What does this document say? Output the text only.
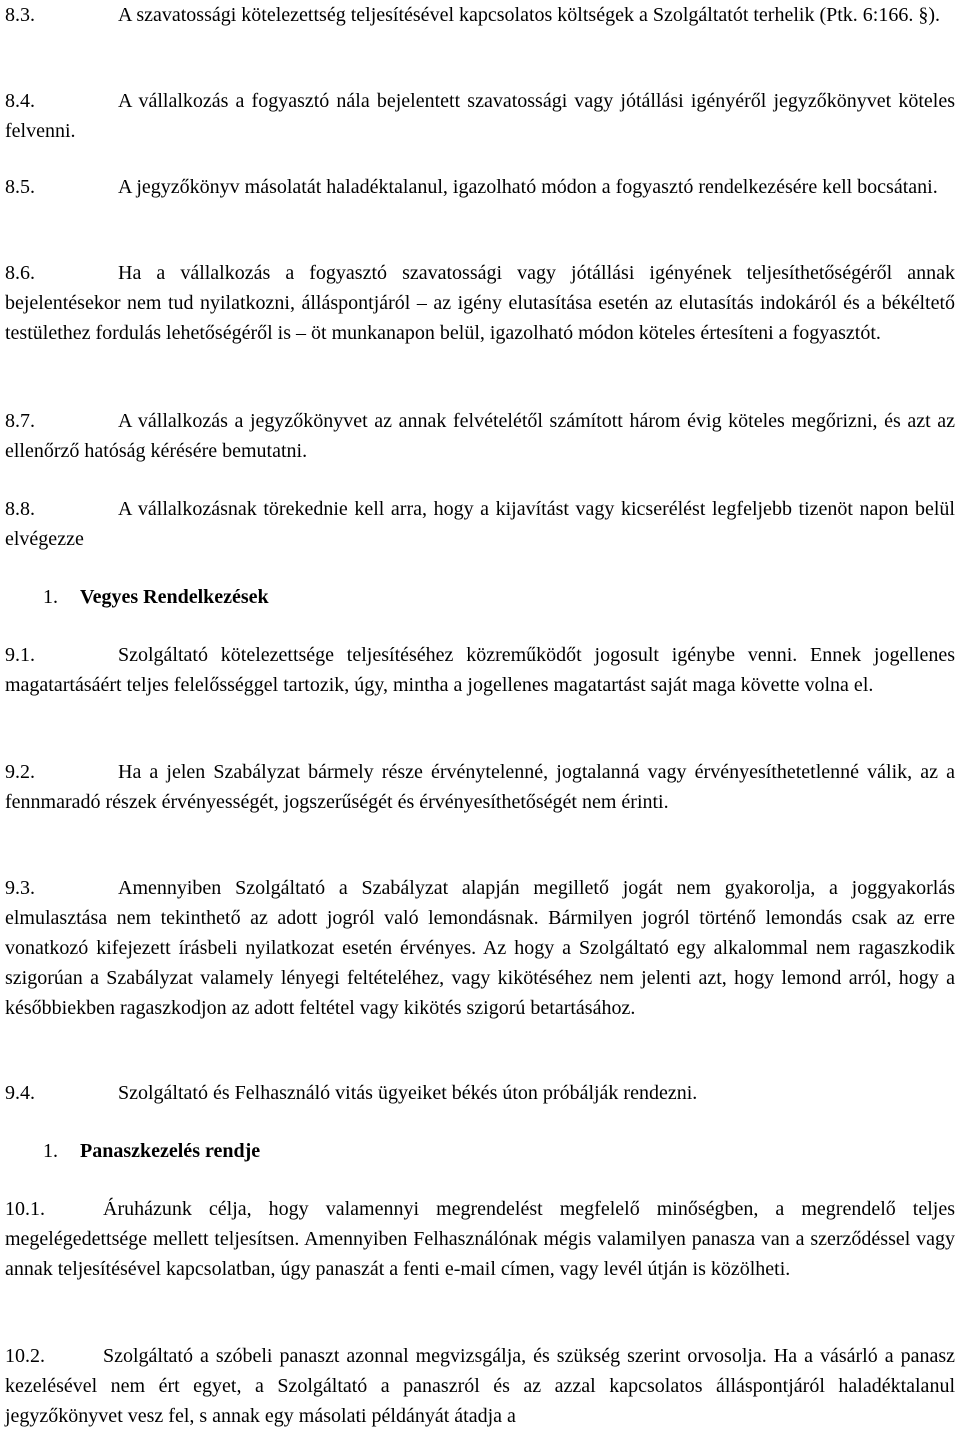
8.3.	A szavatossági kötelezettség teljesítésével kapcsolatos költségek a Szolgáltatót terhelik (Ptk. 6:166. §).

8.4.	A vállalkozás a fogyasztó nála bejelentett szavatossági vagy jótállási igényéről jegyzőkönyvet köteles felvenni.

8.5.	A jegyzőkönyv másolatát haladéktalanul, igazolható módon a fogyasztó rendelkezésére kell bocsátani.

8.6.	Ha a vállalkozás a fogyasztó szavatossági vagy jótállási igényének teljesíthetőségéről annak bejelentésekor nem tud nyilatkozni, álláspontjáról – az igény elutasítása esetén az elutasítás indokáról és a békéltető testülethez fordulás lehetőségéről is – öt munkanapon belül, igazolható módon köteles értesíteni a fogyasztót.

8.7.	A vállalkozás a jegyzőkönyvet az annak felvételétől számított három évig köteles megőrizni, és azt az ellenőrző hatóság kérésére bemutatni.

8.8.	A vállalkozásnak törekednie kell arra, hogy a kijavítást vagy kicserélést legfeljebb tizenöt napon belül elvégezze

1. Vegyes Rendelkezések

9.1.	Szolgáltató kötelezettsége teljesítéséhez közreműködőt jogosult igénybe venni. Ennek jogellenes magatartásáért teljes felelősséggel tartozik, úgy, mintha a jogellenes magatartást saját maga követte volna el.

9.2.	Ha a jelen Szabályzat bármely része érvénytelenné, jogtalanná vagy érvényesíthetetlenné válik, az a fennmaradó részek érvényességét, jogszerűségét és érvényesíthetőségét nem érinti.

9.3.	Amennyiben Szolgáltató a Szabályzat alapján megillető jogát nem gyakorolja, a joggyakorlás elmulasztása nem tekinthető az adott jogról való lemondásnak. Bármilyen jogról történő lemondás csak az erre vonatkozó kifejezett írásbeli nyilatkozat esetén érvényes. Az hogy a Szolgáltató egy alkalommal nem ragaszkodik szigorúan a Szabályzat valamely lényegi feltételéhez, vagy kikötéséhez nem jelenti azt, hogy lemond arról, hogy a későbbiekben ragaszkodjon az adott feltétel vagy kikötés szigorú betartásához.

9.4.	Szolgáltató és Felhasználó vitás ügyeiket békés úton próbálják rendezni.

1. Panaszkezelés rendje

10.1.	Áruházunk célja, hogy valamennyi megrendelést megfelelő minőségben, a megrendelő teljes megelégedettsége mellett teljesítsen. Amennyiben Felhasználónak mégis valamilyen panasza van a szerződéssel vagy annak teljesítésével kapcsolatban, úgy panaszát a fenti e-mail címen, vagy levél útján is közölheti.

10.2.	Szolgáltató a szóbeli panaszt azonnal megvizsgálja, és szükség szerint orvosolja. Ha a vásárló a panasz kezelésével nem ért egyet, a Szolgáltató a panaszról és az azzal kapcsolatos álláspontjáról haladéktalanul jegyzőkönyvet vesz fel, s annak egy másolati példányát átadja a
